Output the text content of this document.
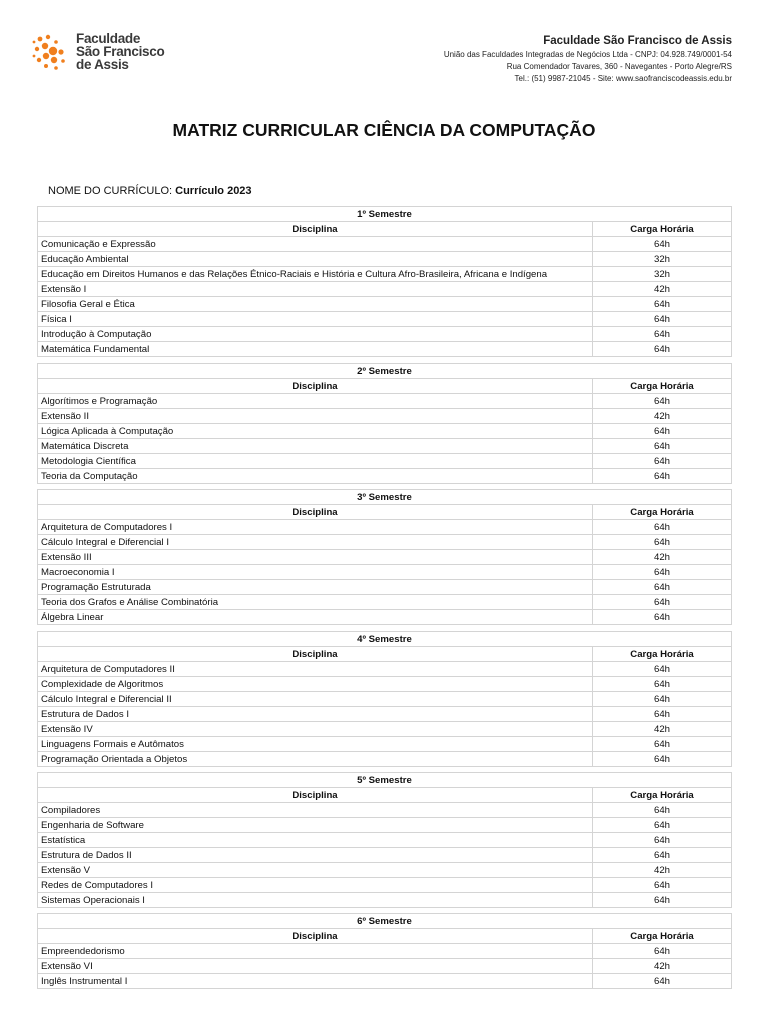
Faculdade
São Francisco
de Assis
Faculdade São Francisco de Assis
União das Faculdades Integradas de Negócios Ltda - CNPJ: 04.928.749/0001-54
Rua Comendador Tavares, 360 - Navegantes - Porto Alegre/RS
Tel.: (51) 9987-21045 - Site: www.saofranciscodeassis.edu.br
MATRIZ CURRICULAR CIÊNCIA DA COMPUTAÇÃO
NOME DO CURRÍCULO: Currículo 2023
1º Semestre	
Disciplina	Carga Horária
Comunicação e Expressão	64h
Educação Ambiental	32h
Educação em Direitos Humanos e das Relações Étnico-Raciais e História e Cultura Afro-Brasileira, Africana e Indígena	32h
Extensão I	42h
Filosofia Geral e Ética	64h
Física I	64h
Introdução à Computação	64h
Matemática Fundamental	64h
2º Semestre	
Disciplina	Carga Horária
Algorítimos e Programação	64h
Extensão II	42h
Lógica Aplicada à Computação	64h
Matemática Discreta	64h
Metodologia Científica	64h
Teoria da Computação	64h
3º Semestre	
Disciplina	Carga Horária
Arquitetura de Computadores I	64h
Cálculo Integral e Diferencial I	64h
Extensão III	42h
Macroeconomia I	64h
Programação Estruturada	64h
Teoria dos Grafos e Análise Combinatória	64h
Álgebra Linear	64h
4º Semestre	
Disciplina	Carga Horária
Arquitetura de Computadores II	64h
Complexidade de Algoritmos	64h
Cálculo Integral e Diferencial II	64h
Estrutura de Dados I	64h
Extensão IV	42h
Linguagens Formais e Autômatos	64h
Programação Orientada a Objetos	64h
5º Semestre	
Disciplina	Carga Horária
Compiladores	64h
Engenharia de Software	64h
Estatística	64h
Estrutura de Dados II	64h
Extensão V	42h
Redes de Computadores I	64h
Sistemas Operacionais I	64h
6º Semestre	
Disciplina	Carga Horária
Empreendedorismo	64h
Extensão VI	42h
Inglês Instrumental I	64h
